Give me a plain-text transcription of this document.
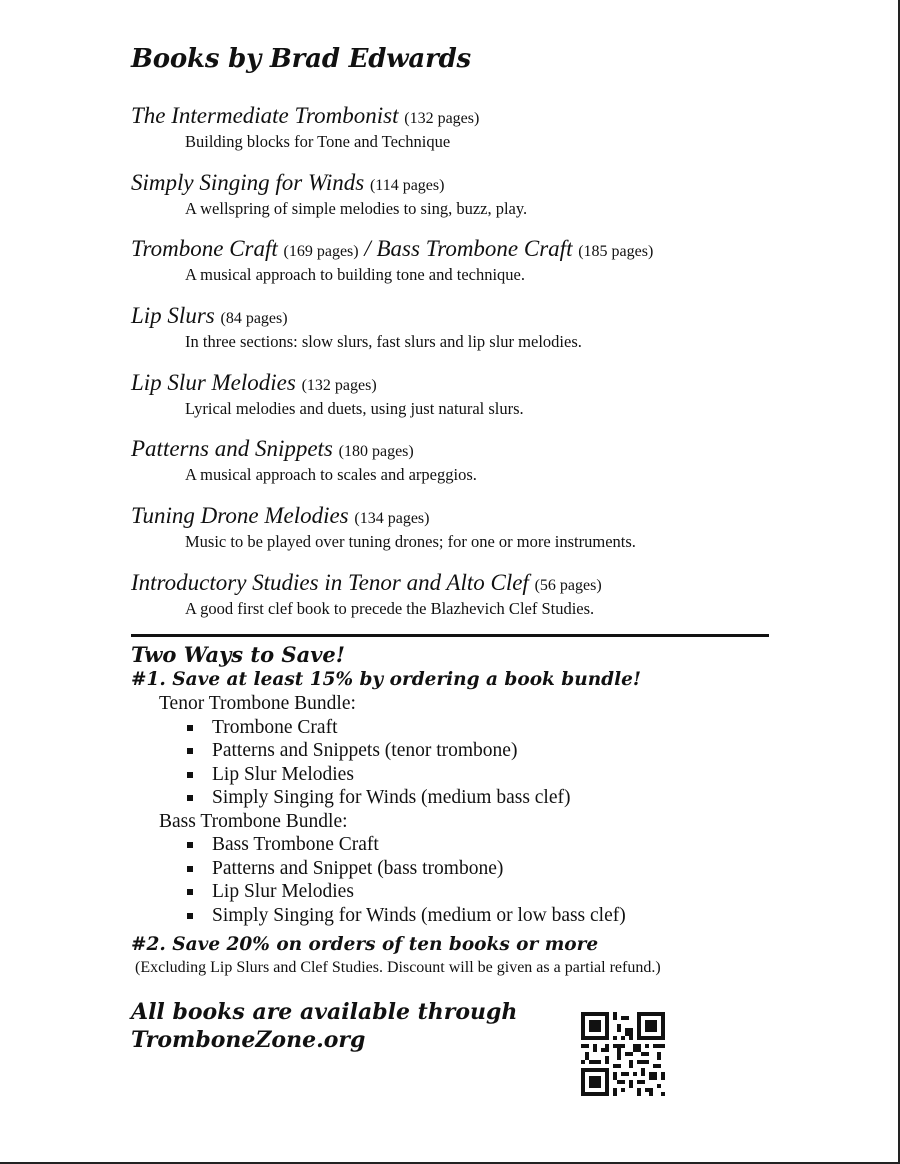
Books by Brad Edwards
The Intermediate Trombonist (132 pages)
Building blocks for Tone and Technique
Simply Singing for Winds (114 pages)
A wellspring of simple melodies to sing, buzz, play.
Trombone Craft (169 pages) / Bass Trombone Craft (185 pages)
A musical approach to building tone and technique.
Lip Slurs (84 pages)
In three sections: slow slurs, fast slurs and lip slur melodies.
Lip Slur Melodies (132 pages)
Lyrical melodies and duets, using just natural slurs.
Patterns and Snippets (180 pages)
A musical approach to scales and arpeggios.
Tuning Drone Melodies (134 pages)
Music to be played over tuning drones; for one or more instruments.
Introductory Studies in Tenor and Alto Clef (56 pages)
A good first clef book to precede the Blazhevich Clef Studies.
Two Ways to Save!
#1. Save at least 15% by ordering a book bundle!
Tenor Trombone Bundle:
Trombone Craft
Patterns and Snippets (tenor trombone)
Lip Slur Melodies
Simply Singing for Winds (medium bass clef)
Bass Trombone Bundle:
Bass Trombone Craft
Patterns and Snippet (bass trombone)
Lip Slur Melodies
Simply Singing for Winds (medium or low bass clef)
#2. Save 20% on orders of ten books or more
(Excluding Lip Slurs and Clef Studies. Discount will be given as a partial refund.)
All books are available through
TromboneZone.org
